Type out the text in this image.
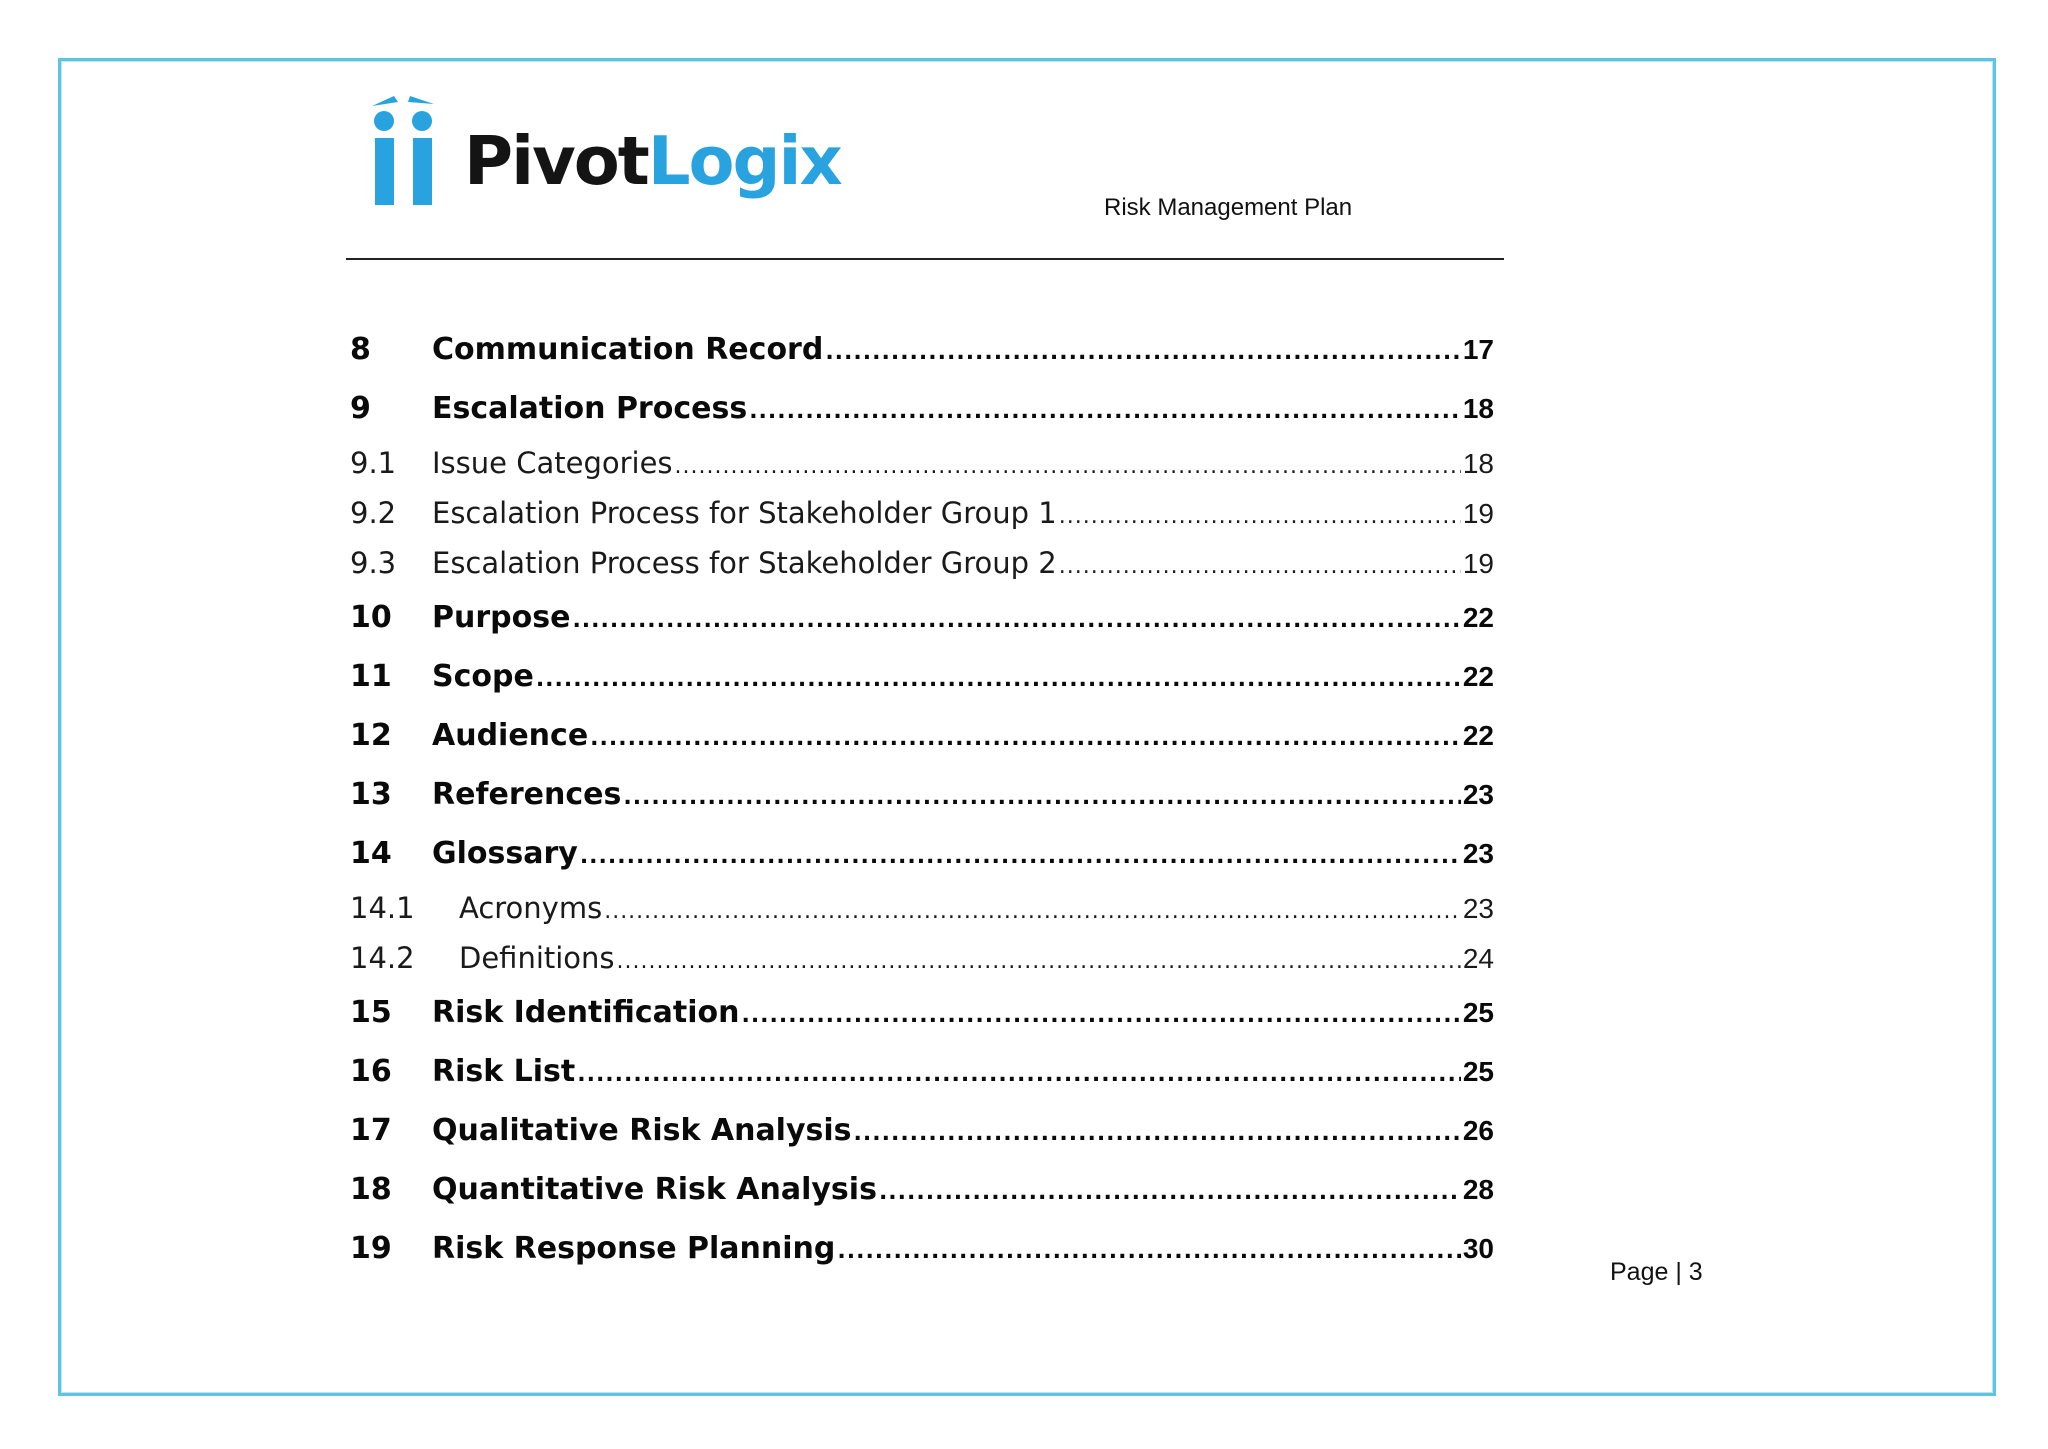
PivotLogix
Risk Management Plan
8	Communication Record .....	17
9	Escalation Process .....	18
9.1	Issue Categories .....	18
9.2	Escalation Process for Stakeholder Group 1 .....	19
9.3	Escalation Process for Stakeholder Group 2 .....	19
10	Purpose .....	22
11	Scope .....	22
12	Audience .....	22
13	References .....	23
14	Glossary .....	23
14.1	Acronyms .....	23
14.2	Definitions .....	24
15	Risk Identification .....	25
16	Risk List .....	25
17	Qualitative Risk Analysis .....	26
18	Quantitative Risk Analysis .....	28
19	Risk Response Planning .....	30
Page | 3
